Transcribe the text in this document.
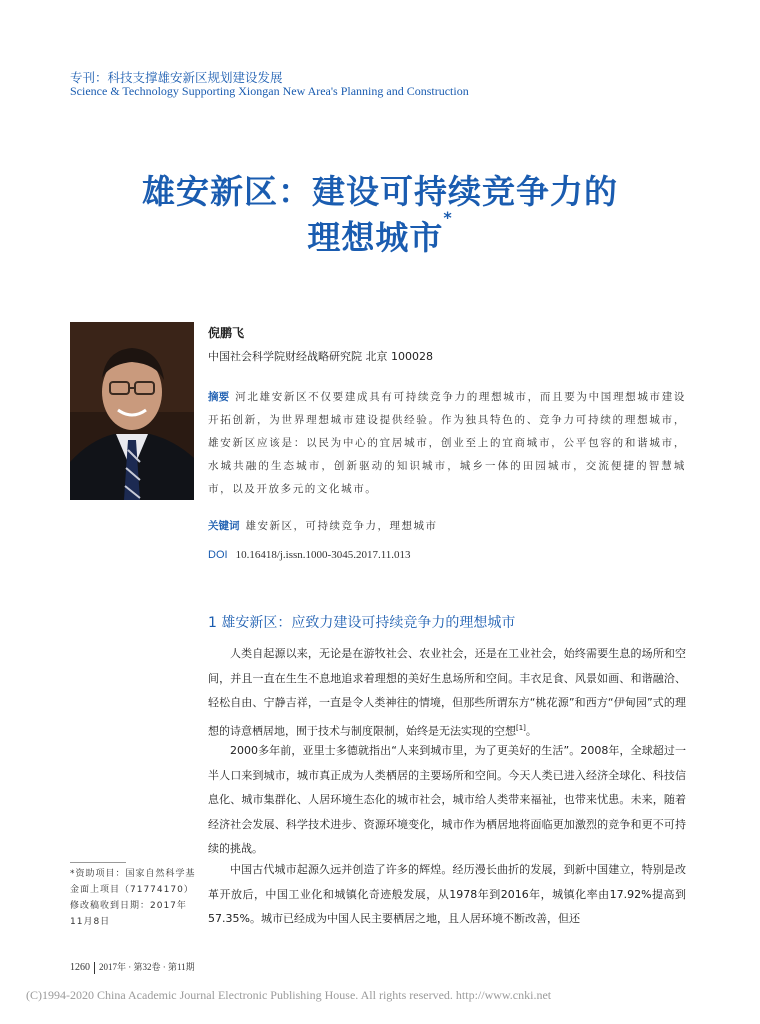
专刊：科技支撑雄安新区规划建设发展
Science & Technology Supporting Xiongan New Area's Planning and Construction
雄安新区：建设可持续竞争力的
理想城市*
倪鹏飞
中国社会科学院财经战略研究院 北京 100028
摘要 河北雄安新区不仅要建成具有可持续竞争力的理想城市，而且要为中国理想城市建设开拓创新，为世界理想城市建设提供经验。作为独具特色的、竞争力可持续的理想城市，雄安新区应该是：以民为中心的宜居城市，创业至上的宜商城市，公平包容的和谐城市，水城共融的生态城市，创新驱动的知识城市，城乡一体的田园城市，交流便捷的智慧城市，以及开放多元的文化城市。
关键词 雄安新区，可持续竞争力，理想城市
DOI 10.16418/j.issn.1000-3045.2017.11.013
1 雄安新区：应致力建设可持续竞争力的理想城市

人类自起源以来，无论是在游牧社会、农业社会，还是在工业社会，始终需要生息的场所和空间，并且一直在生生不息地追求着理想的美好生息场所和空间。丰衣足食、风景如画、和谐融洽、轻松自由、宁静吉祥，一直是令人类神往的情境，但那些所谓东方“桃花源”和西方“伊甸园”式的理想的诗意栖居地，囿于技术与制度限制，始终是无法实现的空想[1]。

2000多年前，亚里士多德就指出“人来到城市里，为了更美好的生活”。2008年，全球超过一半人口来到城市，城市真正成为人类栖居的主要场所和空间。今天人类已进入经济全球化、科技信息化、城市集群化、人居环境生态化的城市社会，城市给人类带来福祉，也带来忧患。未来，随着经济社会发展、科学技术进步、资源环境变化，城市作为栖居地将面临更加激烈的竞争和更不可持续的挑战。

中国古代城市起源久远并创造了许多的辉煌。经历漫长曲折的发展，到新中国建立，特别是改革开放后，中国工业化和城镇化奇迹般发展，从1978年到2016年，城镇化率由17.92%提高到57.35%。城市已经成为中国人民主要栖居之地，且人居环境不断改善，但还

*资助项目：国家自然科学基金面上项目（71774170）修改稿收到日期：2017年11月8日
1260 2017年 · 第32卷 · 第11期
(C)1994-2020 China Academic Journal Electronic Publishing House. All rights reserved. http://www.cnki.net
